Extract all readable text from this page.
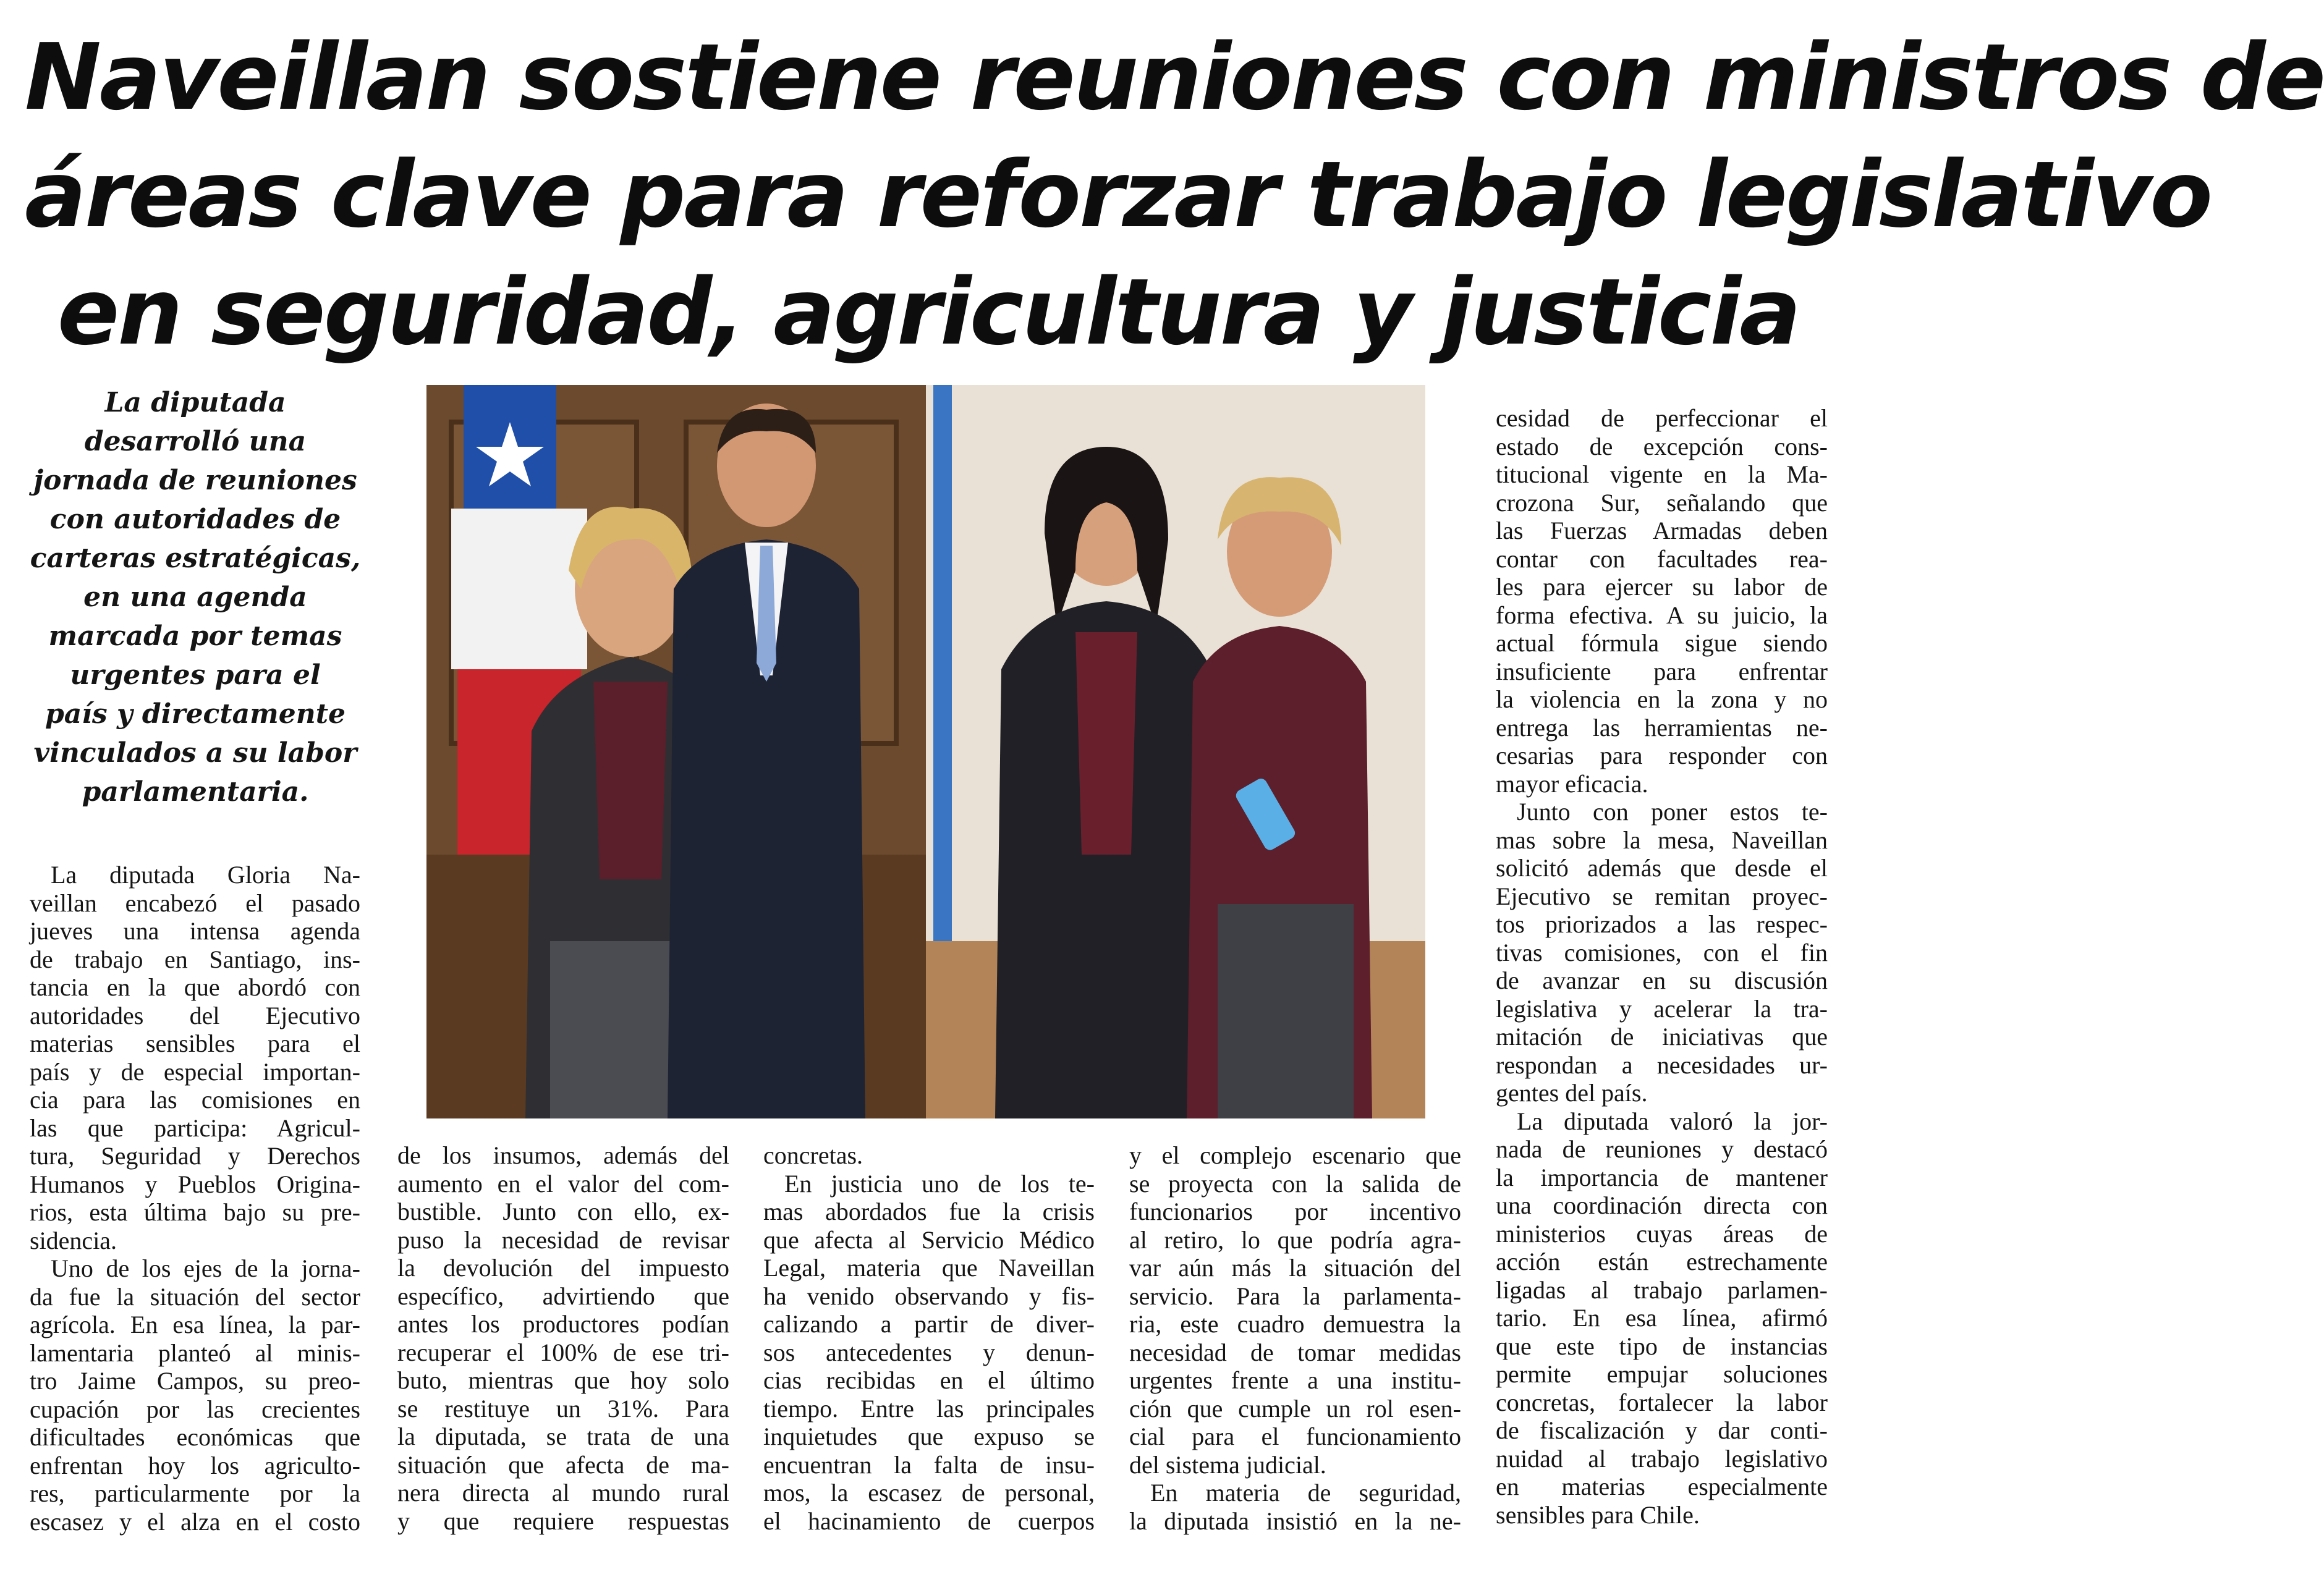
Naveillan sostiene reuniones con ministros de
áreas clave para reforzar trabajo legislativo
en seguridad, agricultura y justicia
La diputada
desarrolló una
jornada de reuniones
con autoridades de
carteras estratégicas,
en una agenda
marcada por temas
urgentes para el
país y directamente
vinculados a su labor
parlamentaria.

La diputada Gloria Na-

veillan encabezó el pasado

jueves una intensa agenda

de trabajo en Santiago, ins-

tancia en la que abordó con

autoridades del Ejecutivo

materias sensibles para el

país y de especial importan-

cia para las comisiones en

las que participa: Agricul-

tura, Seguridad y Derechos

Humanos y Pueblos Origina-

rios, esta última bajo su pre-

sidencia.

Uno de los ejes de la jorna-

da fue la situación del sector

agrícola. En esa línea, la par-

lamentaria planteó al minis-

tro Jaime Campos, su preo-

cupación por las crecientes

dificultades económicas que

enfrentan hoy los agriculto-

res, particularmente por la

escasez y el alza en el costo

de los insumos, además del

aumento en el valor del com-

bustible. Junto con ello, ex-

puso la necesidad de revisar

la devolución del impuesto

específico, advirtiendo que

antes los productores podían

recuperar el 100% de ese tri-

buto, mientras que hoy solo

se restituye un 31%. Para

la diputada, se trata de una

situación que afecta de ma-

nera directa al mundo rural

y que requiere respuestas

concretas.

En justicia uno de los te-

mas abordados fue la crisis

que afecta al Servicio Médico

Legal, materia que Naveillan

ha venido observando y fis-

calizando a partir de diver-

sos antecedentes y denun-

cias recibidas en el último

tiempo. Entre las principales

inquietudes que expuso se

encuentran la falta de insu-

mos, la escasez de personal,

el hacinamiento de cuerpos

y el complejo escenario que

se proyecta con la salida de

funcionarios por incentivo

al retiro, lo que podría agra-

var aún más la situación del

servicio. Para la parlamenta-

ria, este cuadro demuestra la

necesidad de tomar medidas

urgentes frente a una institu-

ción que cumple un rol esen-

cial para el funcionamiento

del sistema judicial.

En materia de seguridad,

la diputada insistió en la ne-

cesidad de perfeccionar el

estado de excepción cons-

titucional vigente en la Ma-

crozona Sur, señalando que

las Fuerzas Armadas deben

contar con facultades rea-

les para ejercer su labor de

forma efectiva. A su juicio, la

actual fórmula sigue siendo

insuficiente para enfrentar

la violencia en la zona y no

entrega las herramientas ne-

cesarias para responder con

mayor eficacia.

Junto con poner estos te-

mas sobre la mesa, Naveillan

solicitó además que desde el

Ejecutivo se remitan proyec-

tos priorizados a las respec-

tivas comisiones, con el fin

de avanzar en su discusión

legislativa y acelerar la tra-

mitación de iniciativas que

respondan a necesidades ur-

gentes del país.

La diputada valoró la jor-

nada de reuniones y destacó

la importancia de mantener

una coordinación directa con

ministerios cuyas áreas de

acción están estrechamente

ligadas al trabajo parlamen-

tario. En esa línea, afirmó

que este tipo de instancias

permite empujar soluciones

concretas, fortalecer la labor

de fiscalización y dar conti-

nuidad al trabajo legislativo

en materias especialmente

sensibles para Chile.
